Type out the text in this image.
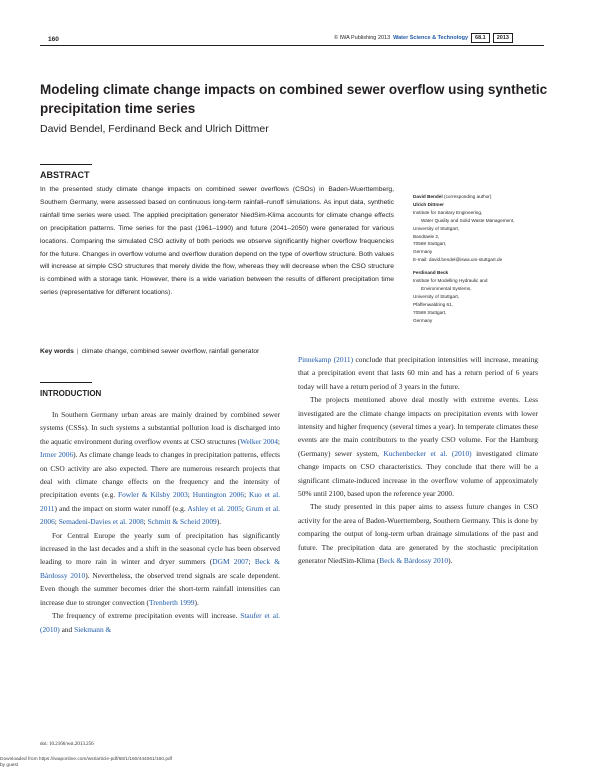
160	© IWA Publishing 2013 Water Science & Technology	68.1	2013
Modeling climate change impacts on combined sewer overflow using synthetic precipitation time series
David Bendel, Ferdinand Beck and Ulrich Dittmer
ABSTRACT
In the presented study climate change impacts on combined sewer overflows (CSOs) in Baden-Wuerttemberg, Southern Germany, were assessed based on continuous long-term rainfall–runoff simulations. As input data, synthetic rainfall time series were used. The applied precipitation generator NiedSim-Klima accounts for climate change effects on precipitation patterns. Time series for the past (1961–1990) and future (2041–2050) were generated for various locations. Comparing the simulated CSO activity of both periods we observe significantly higher overflow frequencies for the future. Changes in overflow volume and overflow duration depend on the type of overflow structure. Both values will increase at simple CSO structures that merely divide the flow, whereas they will decrease when the CSO structure is combined with a storage tank. However, there is a wide variation between the results of different precipitation time series (representative for different locations).
Key words | climate change, combined sewer overflow, rainfall generator
David Bendel (corresponding author)
Ulrich Dittmer
Institute for Sanitary Engineering,
Water Quality and Solid Waste Management,
University of Stuttgart,
Bandtaele 2,
70569 Stuttgart,
Germany
E-mail: david.bendel@iswa.uni-stuttgart.de
Ferdinand Beck
Institute for Modelling Hydraulic and
Environmental Systems,
University of Stuttgart,
Pfaffenwaldring 61,
70569 Stuttgart,
Germany
INTRODUCTION

In Southern Germany urban areas are mainly drained by combined sewer systems (CSSs). In such systems a substantial pollution load is discharged into the aquatic environment during overflow events at CSO structures (Welker 2004; Irmer 2006). As climate change leads to changes in precipitation patterns, effects on CSO activity are also expected. There are numerous research projects that deal with climate change effects on the frequency and the intensity of precipitation events (e.g. Fowler & Kilsby 2003; Huntington 2006; Kuo et al. 2011) and the impact on storm water runoff (e.g. Ashley et al. 2005; Grum et al. 2006; Semadeni-Davies et al. 2008; Schmitt & Scheid 2009).

For Central Europe the yearly sum of precipitation has significantly increased in the last decades and a shift in the seasonal cycle has been observed leading to more rain in winter and dryer summers (DGM 2007; Beck & Bárdossy 2010). Nevertheless, the observed trend signals are scale dependent. Even though the summer becomes drier the short-term rainfall intensities can increase due to stronger convection (Trenberth 1999).

The frequency of extreme precipitation events will increase. Staufer et al. (2010) and Siekmann &

Pinnekamp (2011) conclude that precipitation intensities will increase, meaning that a precipitation event that lasts 60 min and has a return period of 6 years today will have a return period of 3 years in the future.

The projects mentioned above deal mostly with extreme events. Less investigated are the climate change impacts on precipitation events with lower intensity and higher frequency (several times a year). In temperate climates these events are the main contributors to the yearly CSO volume. For the Hamburg (Germany) sewer system, Kuchenbecker et al. (2010) investigated climate change impacts on CSO characteristics. They conclude that there will be a significant climate-induced increase in the overflow volume of approximately 50% until 2100, based upon the reference year 2000.

The study presented in this paper aims to assess future changes in CSO activity for the area of Baden-Wuerttemberg, Southern Germany. This is done by comparing the output of long-term urban drainage simulations of the past and future. The precipitation data are generated by the stochastic precipitation generator NiedSim-Klima (Beck & Bárdossy 2010).

doi: 10.2166/wst.2013.256
Downloaded from https://iwaponline.com/wst/article-pdf/68/1/160/444061/160.pdf
by guest
